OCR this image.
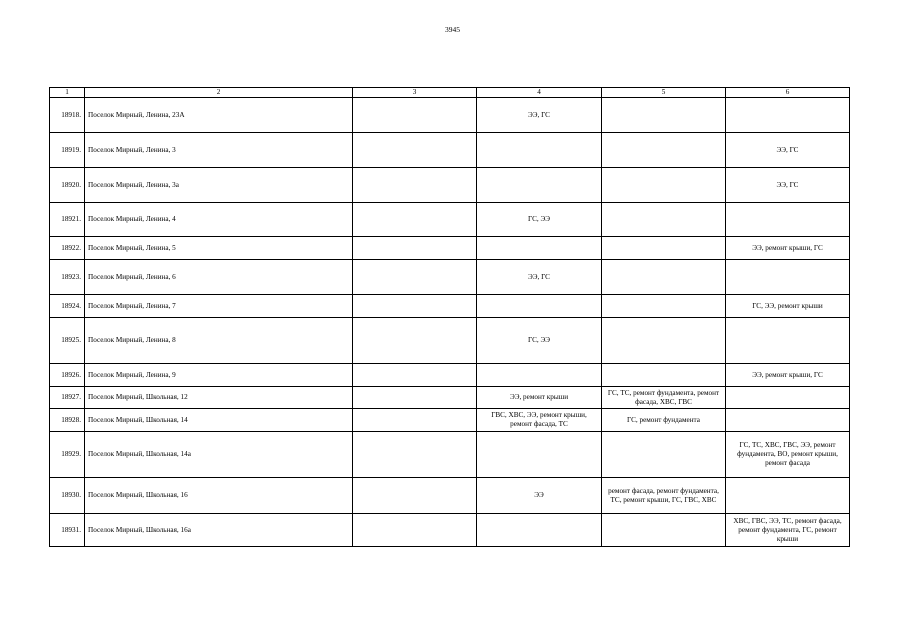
3945
1	2	3	4	5	6
18918.	Поселок Мирный, Ленина, 23А		ЭЭ, ГС		
18919.	Поселок Мирный, Ленина, 3				ЭЭ, ГС
18920.	Поселок Мирный, Ленина, 3а				ЭЭ, ГС
18921.	Поселок Мирный, Ленина, 4		ГС, ЭЭ		
18922.	Поселок Мирный, Ленина, 5				ЭЭ, ремонт крыши, ГС
18923.	Поселок Мирный, Ленина, 6		ЭЭ, ГС		
18924.	Поселок Мирный, Ленина, 7				ГС, ЭЭ, ремонт крыши
18925.	Поселок Мирный, Ленина, 8		ГС, ЭЭ		
18926.	Поселок Мирный, Ленина, 9				ЭЭ, ремонт крыши, ГС
18927.	Поселок Мирный, Школьная, 12		ЭЭ, ремонт крыши	ГС, ТС, ремонт фундамента, ремонт фасада, ХВС, ГВС	
18928.	Поселок Мирный, Школьная, 14		ГВС, ХВС, ЭЭ, ремонт крыши, ремонт фасада, ТС	ГС, ремонт фундамента	
18929.	Поселок Мирный, Школьная, 14а				ГС, ТС, ХВС, ГВС, ЭЭ, ремонт фундамента, ВО, ремонт крыши, ремонт фасада
18930.	Поселок Мирный, Школьная, 16		ЭЭ	ремонт фасада, ремонт фундамента, ТС, ремонт крыши, ГС, ГВС, ХВС	
18931.	Поселок Мирный, Школьная, 16а				ХВС, ГВС, ЭЭ, ТС, ремонт фасада, ремонт фундамента, ГС, ремонт крыши
